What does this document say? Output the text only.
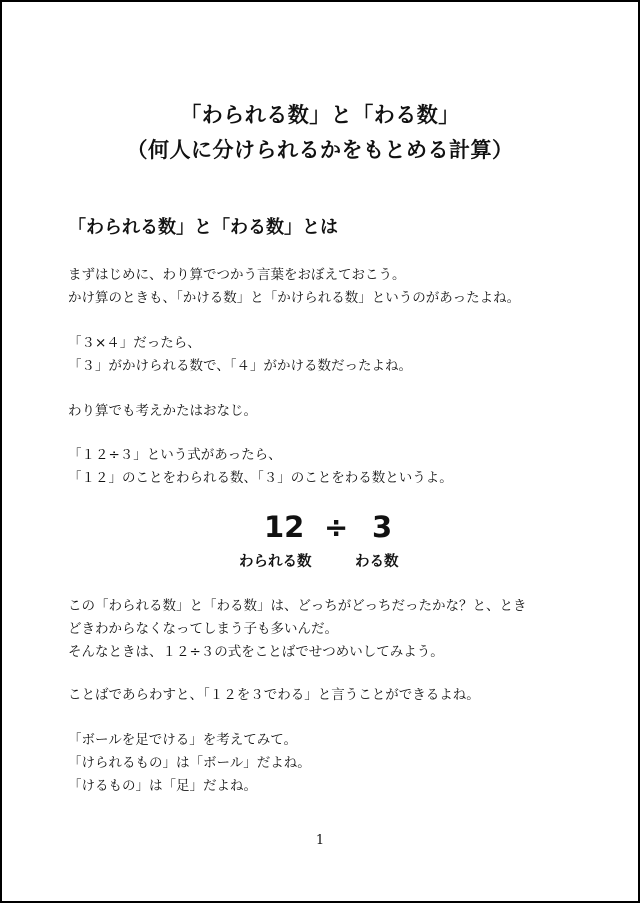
「わられる数」と「わる数」
（何人に分けられるかをもとめる計算）
「わられる数」と「わる数」とは
まずはじめに、わり算でつかう言葉をおぼえておこう。
かけ算のときも、「かける数」と「かけられる数」というのがあったよね。
「３×４」だったら、
「３」がかけられる数で、「４」がかける数だったよね。
わり算でも考えかたはおなじ。
「１２÷３」という式があったら、
「１２」のことをわられる数、「３」のことをわる数というよ。
12 ÷ 3
わられる数	わる数
この「わられる数」と「わる数」は、どっちがどっちだったかな？と、とき
どきわからなくなってしまう子も多いんだ。
そんなときは、１２÷３の式をことばでせつめいしてみよう。
ことばであらわすと、「１２を３でわる」と言うことができるよね。
「ボールを足でける」を考えてみて。
「けられるもの」は「ボール」だよね。
「けるもの」は「足」だよね。
1
